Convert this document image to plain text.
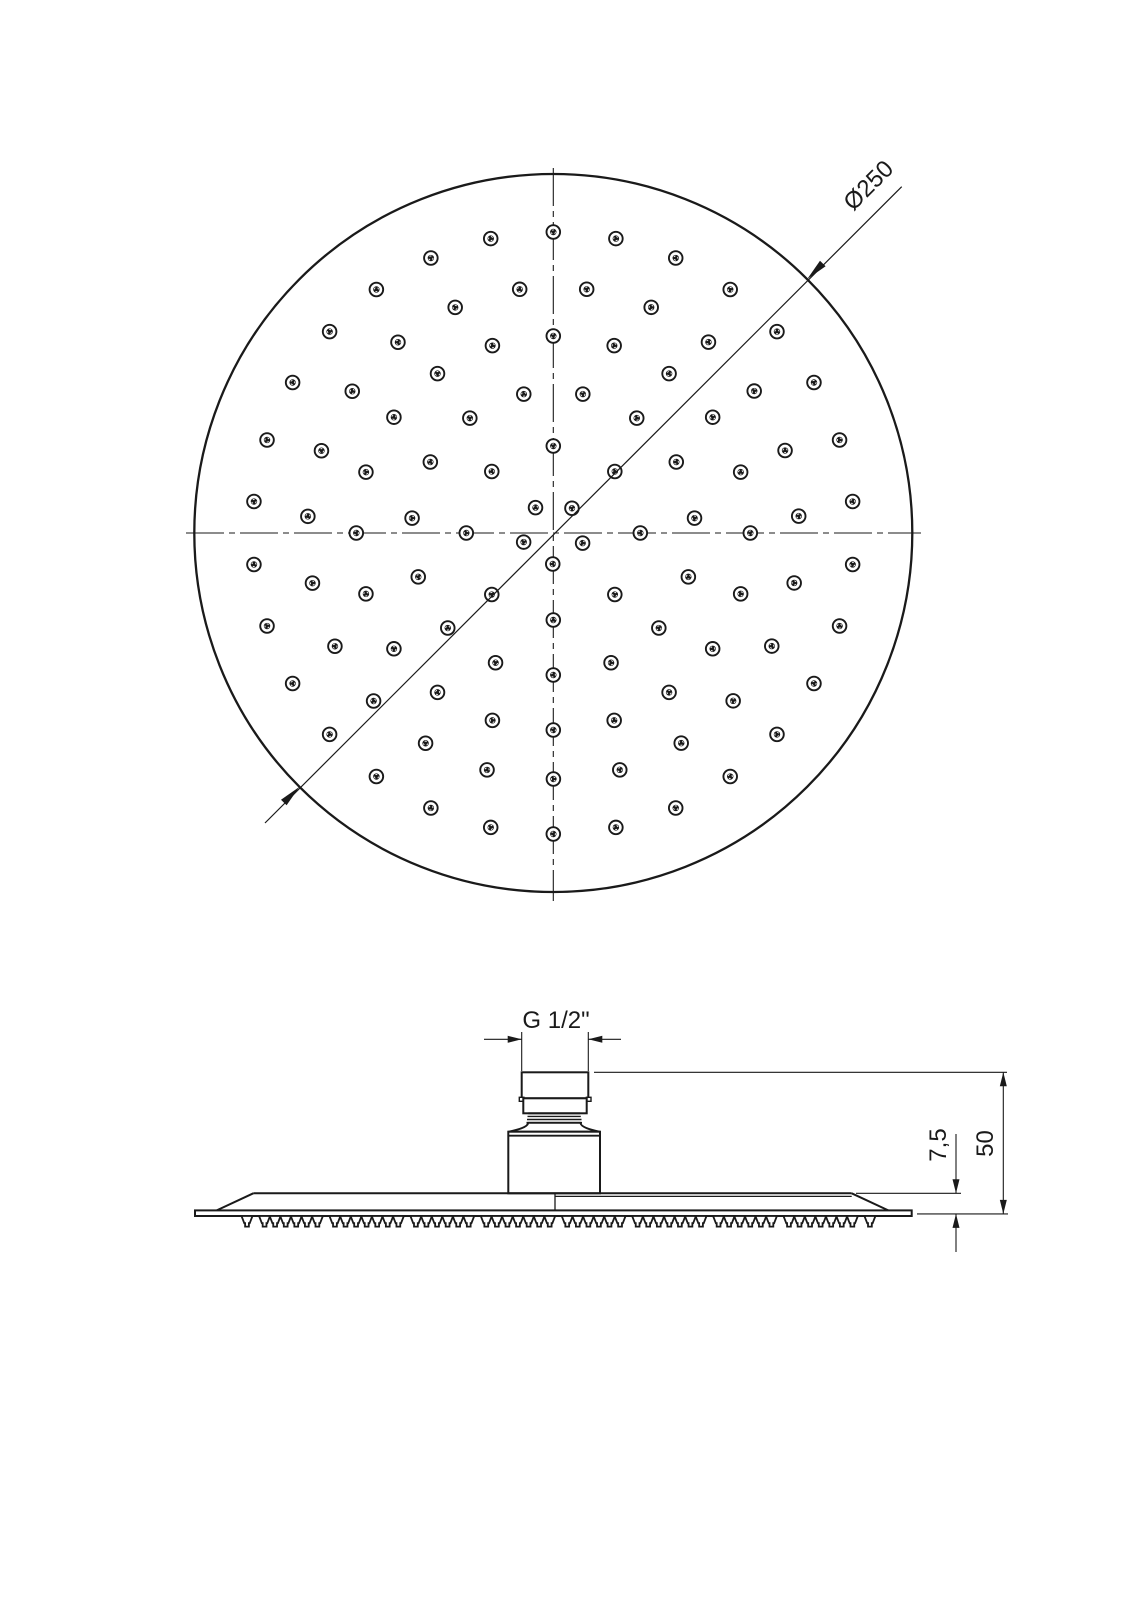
Ø250
G 1/2"
50
7,5
